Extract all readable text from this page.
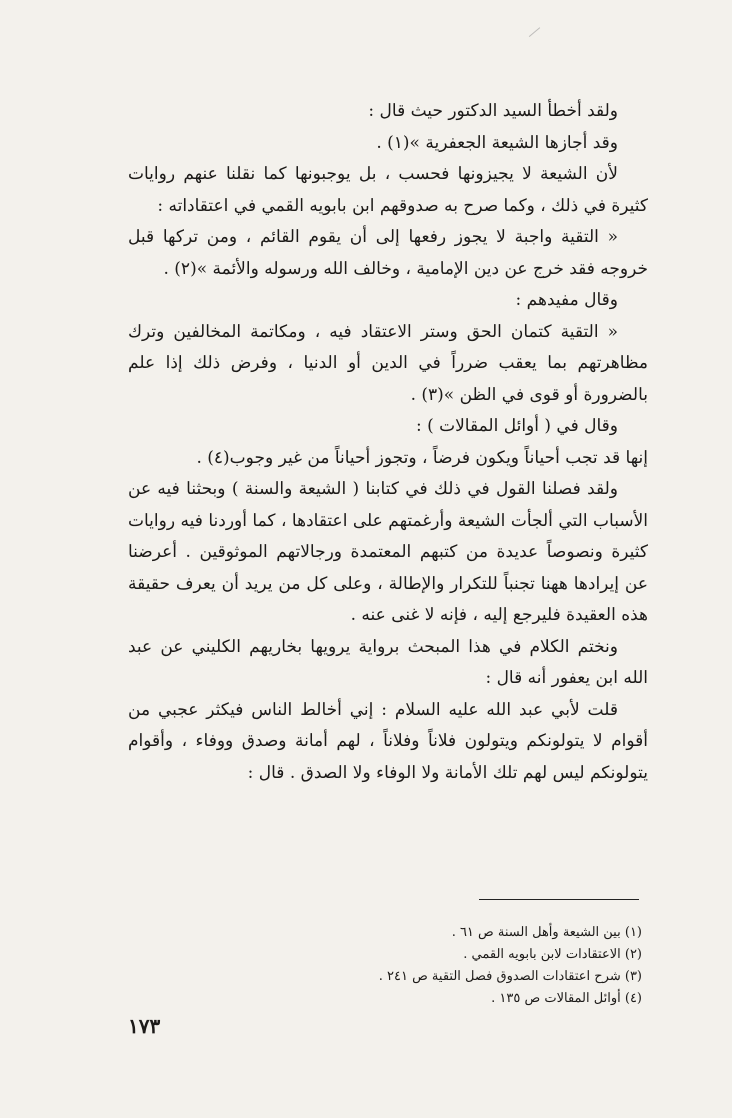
ولقد أخطأ السيد الدكتور حيث قال :

وقد أجازها الشيعة الجعفرية »(١) .

لأن الشيعة لا يجيزونها فحسب ، بل يوجبونها كما نقلنا عنهم روايات كثيرة في ذلك ، وكما صرح به صدوقهم ابن بابويه القمي في اعتقاداته :

« التقية واجبة لا يجوز رفعها إلى أن يقوم القائم ، ومن تركها قبل خروجه فقد خرج عن دين الإمامية ، وخالف الله ورسوله والأئمة »(٢) .

وقال مفيدهم :

« التقية كتمان الحق وستر الاعتقاد فيه ، ومكاتمة المخالفين وترك مظاهرتهم بما يعقب ضرراً في الدين أو الدنيا ، وفرض ذلك إذا علم بالضرورة أو قوى في الظن »(٣) .

وقال في ( أوائل المقالات ) :

إنها قد تجب أحياناً ويكون فرضاً ، وتجوز أحياناً من غير وجوب(٤) .

ولقد فصلنا القول في ذلك في كتابنا ( الشيعة والسنة ) وبحثنا فيه عن الأسباب التي ألجأت الشيعة وأرغمتهم على اعتقادها ، كما أوردنا فيه روايات كثيرة ونصوصاً عديدة من كتبهم المعتمدة ورجالاتهم الموثوقين . أعرضنا عن إيرادها ههنا تجنباً للتكرار والإطالة ، وعلى كل من يريد أن يعرف حقيقة هذه العقيدة فليرجع إليه ، فإنه لا غنى عنه .

ونختم الكلام في هذا المبحث برواية يرويها بخاريهم الكليني عن عبد الله ابن يعفور أنه قال :

قلت لأبي عبد الله عليه السلام : إني أخالط الناس فيكثر عجبي من أقوام لا يتولونكم ويتولون فلاناً وفلاناً ، لهم أمانة وصدق ووفاء ، وأقوام يتولونكم ليس لهم تلك الأمانة ولا الوفاء ولا الصدق . قال :

(١) بين الشيعة وأهل السنة ص ٦١ .
(٢) الاعتقادات لابن بابويه القمي .
(٣) شرح اعتقادات الصدوق فصل التقية ص ٢٤١ .
(٤) أوائل المقالات ص ١٣٥ .
١٧٣
